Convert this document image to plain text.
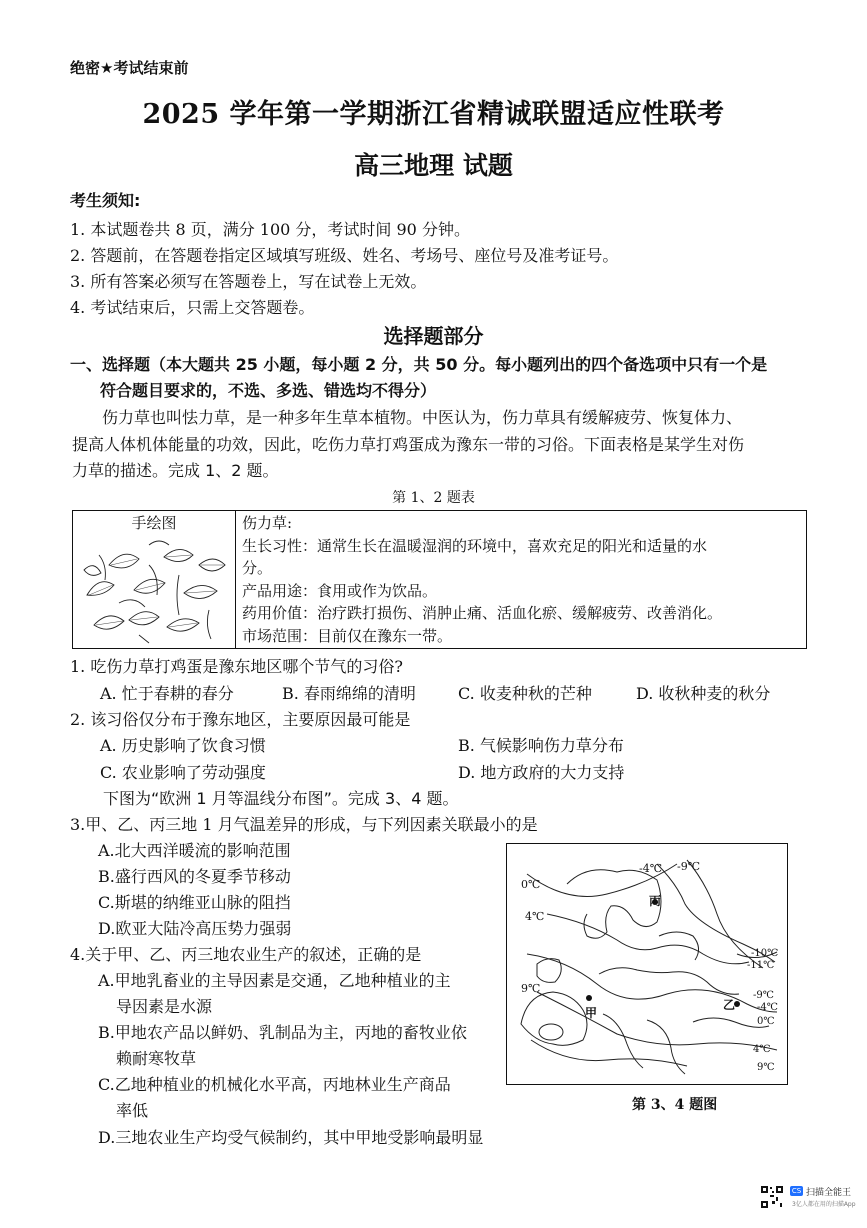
绝密★考试结束前
2025 学年第一学期浙江省精诚联盟适应性联考
高三地理 试题
考生须知:
1. 本试题卷共 8 页，满分 100 分，考试时间 90 分钟。
2. 答题前，在答题卷指定区域填写班级、姓名、考场号、座位号及准考证号。
3. 所有答案必须写在答题卷上，写在试卷上无效。
4. 考试结束后，只需上交答题卷。
选择题部分
一、选择题（本大题共 25 小题，每小题 2 分，共 50 分。每小题列出的四个备选项中只有一个是
符合题目要求的，不选、多选、错选均不得分）
伤力草也叫怯力草，是一种多年生草本植物。中医认为，伤力草具有缓解疲劳、恢复体力、
提高人体机体能量的功效，因此，吃伤力草打鸡蛋成为豫东一带的习俗。下面表格是某学生对伤
力草的描述。完成 1、2 题。
第 1、2 题表
手绘图	伤力草:
生长习性：通常生长在温暖湿润的环境中，喜欢充足的阳光和适量的水
分。
产品用途：食用或作为饮品。
药用价值：治疗跌打损伤、消肿止痛、活血化瘀、缓解疲劳、改善消化。
市场范围：目前仅在豫东一带。
1. 吃伤力草打鸡蛋是豫东地区哪个节气的习俗?
A. 忙于春耕的春分	B. 春雨绵绵的清明	C. 收麦种秋的芒种	D. 收秋种麦的秋分
2. 该习俗仅分布于豫东地区，主要原因最可能是
A. 历史影响了饮食习惯	B. 气候影响伤力草分布
C. 农业影响了劳动强度	D. 地方政府的大力支持
下图为“欧洲 1 月等温线分布图”。完成 3、4 题。
3.甲、乙、丙三地 1 月气温差异的形成，与下列因素关联最小的是
A.北大西洋暖流的影响范围
B.盛行西风的冬夏季节移动
C.斯堪的纳维亚山脉的阻挡
D.欧亚大陆冷高压势力强弱
4.关于甲、乙、丙三地农业生产的叙述，正确的是
A.甲地乳畜业的主导因素是交通，乙地种植业的主
导因素是水源
B.甲地农产品以鲜奶、乳制品为主，丙地的畜牧业依
赖耐寒牧草
C.乙地种植业的机械化水平高，丙地林业生产商品
率低
D.三地农业生产均受气候制约，其中甲地受影响最明显
-4℃ -9℃
0℃
4℃
9℃
-10℃
-11℃
-9℃
-4℃
0℃
4℃
9℃
甲
乙
丙
第 3、4 题图
CS 扫描全能王
3亿人都在用的扫描App
